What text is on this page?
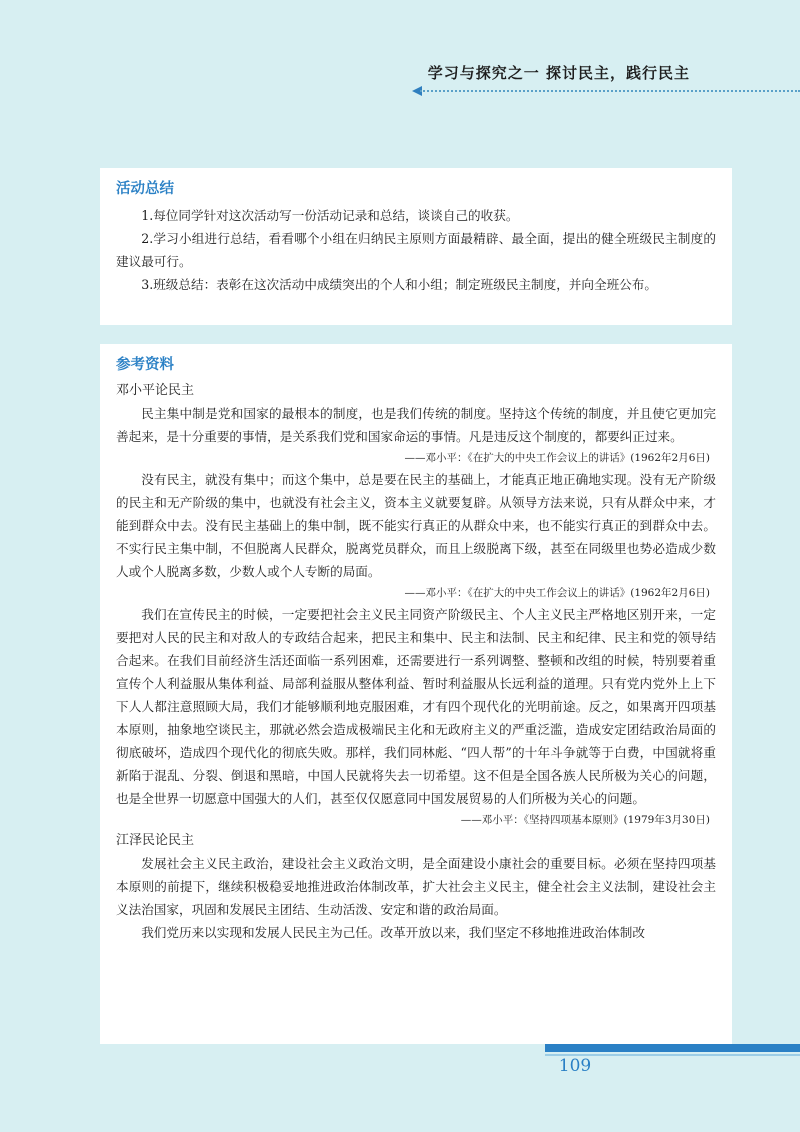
学习与探究之一 探讨民主，践行民主
活动总结

1.每位同学针对这次活动写一份活动记录和总结，谈谈自己的收获。

2.学习小组进行总结，看看哪个小组在归纳民主原则方面最精辟、最全面，提出的健全班级民主制度的建议最可行。

3.班级总结：表彰在这次活动中成绩突出的个人和小组；制定班级民主制度，并向全班公布。

参考资料
邓小平论民主

民主集中制是党和国家的最根本的制度，也是我们传统的制度。坚持这个传统的制度，并且使它更加完善起来，是十分重要的事情，是关系我们党和国家命运的事情。凡是违反这个制度的，都要纠正过来。

——邓小平：《在扩大的中央工作会议上的讲话》(1962年2月6日)

没有民主，就没有集中；而这个集中，总是要在民主的基础上，才能真正地正确地实现。没有无产阶级的民主和无产阶级的集中，也就没有社会主义，资本主义就要复辟。从领导方法来说，只有从群众中来，才能到群众中去。没有民主基础上的集中制，既不能实行真正的从群众中来，也不能实行真正的到群众中去。不实行民主集中制，不但脱离人民群众，脱离党员群众，而且上级脱离下级，甚至在同级里也势必造成少数人或个人脱离多数，少数人或个人专断的局面。

——邓小平：《在扩大的中央工作会议上的讲话》(1962年2月6日)

我们在宣传民主的时候，一定要把社会主义民主同资产阶级民主、个人主义民主严格地区别开来，一定要把对人民的民主和对敌人的专政结合起来，把民主和集中、民主和法制、民主和纪律、民主和党的领导结合起来。在我们目前经济生活还面临一系列困难，还需要进行一系列调整、整顿和改组的时候，特别要着重宣传个人利益服从集体利益、局部利益服从整体利益、暂时利益服从长远利益的道理。只有党内党外上上下下人人都注意照顾大局，我们才能够顺利地克服困难，才有四个现代化的光明前途。反之，如果离开四项基本原则，抽象地空谈民主，那就必然会造成极端民主化和无政府主义的严重泛滥，造成安定团结政治局面的彻底破坏，造成四个现代化的彻底失败。那样，我们同林彪、“四人帮”的十年斗争就等于白费，中国就将重新陷于混乱、分裂、倒退和黑暗，中国人民就将失去一切希望。这不但是全国各族人民所极为关心的问题，也是全世界一切愿意中国强大的人们，甚至仅仅愿意同中国发展贸易的人们所极为关心的问题。

——邓小平：《坚持四项基本原则》(1979年3月30日)

江泽民论民主

发展社会主义民主政治，建设社会主义政治文明，是全面建设小康社会的重要目标。必须在坚持四项基本原则的前提下，继续积极稳妥地推进政治体制改革，扩大社会主义民主，健全社会主义法制，建设社会主义法治国家，巩固和发展民主团结、生动活泼、安定和谐的政治局面。

我们党历来以实现和发展人民民主为己任。改革开放以来，我们坚定不移地推进政治体制改

109
